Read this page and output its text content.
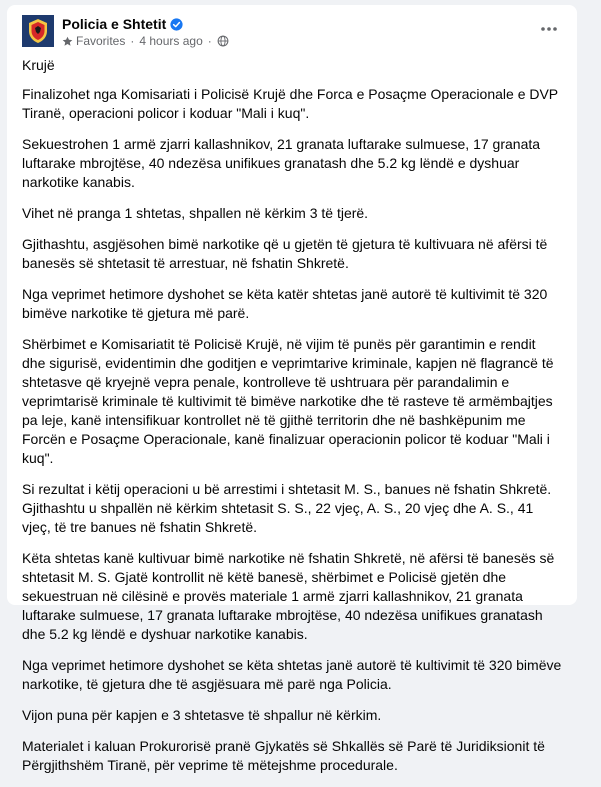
Policia e Shtetit
Favorites · 4 hours ago ·

Krujë

Finalizohet nga Komisariati i Policisë Krujë dhe Forca e Posaçme Operacionale e DVP Tiranë, operacioni policor i koduar "Mali i kuq".

Sekuestrohen 1 armë zjarri kallashnikov, 21 granata luftarake sulmuese, 17 granata luftarake mbrojtëse, 40 ndezësa unifikues granatash dhe 5.2 kg lëndë e dyshuar narkotike kanabis.

Vihet në pranga 1 shtetas, shpallen në kërkim 3 të tjerë.

Gjithashtu, asgjësohen bimë narkotike që u gjetën të gjetura të kultivuara në afërsi të banesës së shtetasit të arrestuar, në fshatin Shkretë.

Nga veprimet hetimore dyshohet se këta katër shtetas janë autorë të kultivimit të 320 bimëve narkotike të gjetura më parë.

Shërbimet e Komisariatit të Policisë Krujë, në vijim të punës për garantimin e rendit dhe sigurisë, evidentimin dhe goditjen e veprimtarive kriminale, kapjen në flagrancë të shtetasve që kryejnë vepra penale, kontrolleve të ushtruara për parandalimin e veprimtarisë kriminale të kultivimit të bimëve narkotike dhe të rasteve të armëmbajtjes pa leje, kanë intensifikuar kontrollet në të gjithë territorin dhe në bashkëpunim me Forcën e Posaçme Operacionale, kanë finalizuar operacionin policor të koduar "Mali i kuq".

Si rezultat i këtij operacioni u bë arrestimi i shtetasit M. S., banues në fshatin Shkretë. Gjithashtu u shpallën në kërkim shtetasit S. S., 22 vjeç, A. S., 20 vjeç dhe A. S., 41 vjeç, të tre banues në fshatin Shkretë.

Këta shtetas kanë kultivuar bimë narkotike në fshatin Shkretë, në afërsi të banesës së shtetasit M. S. Gjatë kontrollit në këtë banesë, shërbimet e Policisë gjetën dhe sekuestruan në cilësinë e provës materiale 1 armë zjarri kallashnikov, 21 granata luftarake sulmuese, 17 granata luftarake mbrojtëse, 40 ndezësa unifikues granatash dhe 5.2 kg lëndë e dyshuar narkotike kanabis.

Nga veprimet hetimore dyshohet se këta shtetas janë autorë të kultivimit të 320 bimëve narkotike, të gjetura dhe të asgjësuara më parë nga Policia.

Vijon puna për kapjen e 3 shtetasve të shpallur në kërkim.

Materialet i kaluan Prokurorisë pranë Gjykatës së Shkallës së Parë të Juridiksionit të Përgjithshëm Tiranë, për veprime të mëtejshme procedurale.
